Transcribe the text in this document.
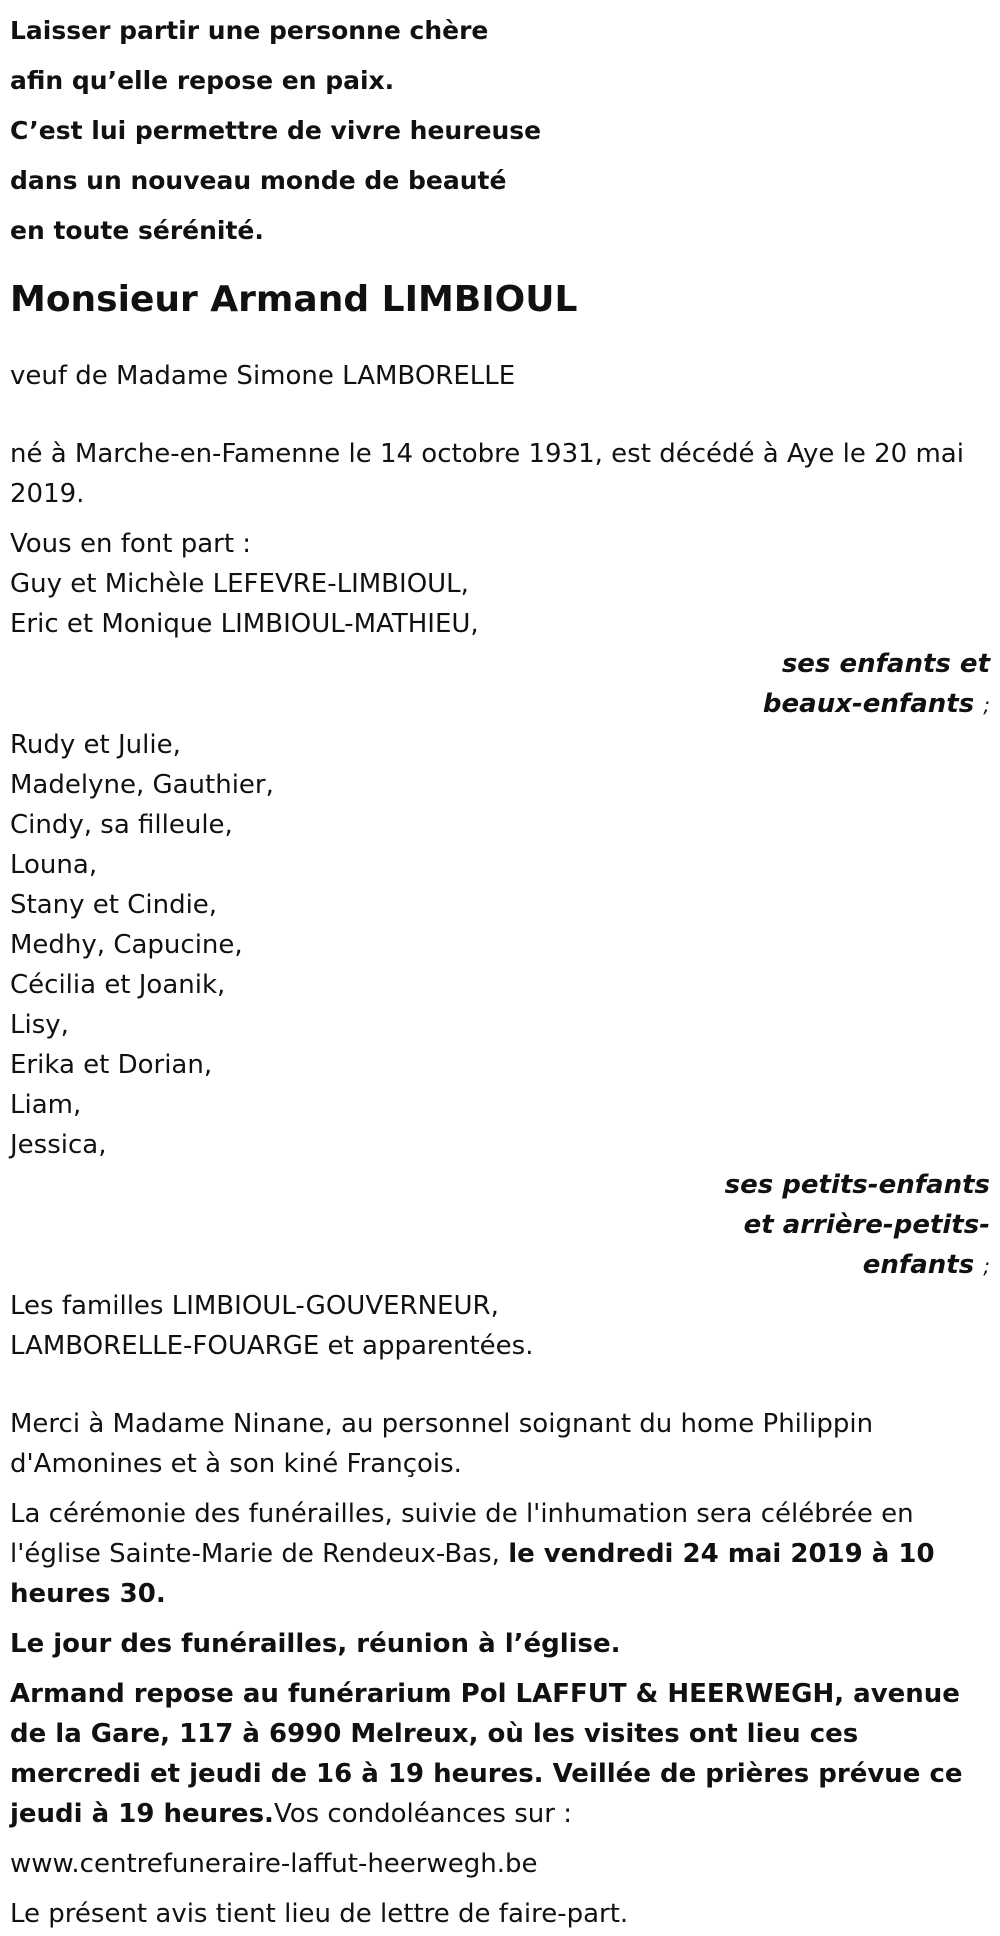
Laisser partir une personne chère
afin qu’elle repose en paix.
C’est lui permettre de vivre heureuse
dans un nouveau monde de beauté
en toute sérénité.
Monsieur Armand LIMBIOUL
veuf de Madame Simone LAMBORELLE
né à Marche-en-Famenne le 14 octobre 1931, est décédé à Aye le 20 mai 2019.
Vous en font part :
Guy et Michèle LEFEVRE-LIMBIOUL,
Eric et Monique LIMBIOUL-MATHIEU,
ses enfants et
beaux-enfants ;
Rudy et Julie,
Madelyne, Gauthier,
Cindy, sa filleule,
Louna,
Stany et Cindie,
Medhy, Capucine,
Cécilia et Joanik,
Lisy,
Erika et Dorian,
Liam,
Jessica,
ses petits-enfants
et arrière-petits-
enfants ;
Les familles LIMBIOUL-GOUVERNEUR,
LAMBORELLE-FOUARGE et apparentées.
Merci à Madame Ninane, au personnel soignant du home Philippin d'Amonines et à son kiné François.
La cérémonie des funérailles, suivie de l'inhumation sera célébrée en l'église Sainte-Marie de Rendeux-Bas, le vendredi 24 mai 2019 à 10 heures 30.
Le jour des funérailles, réunion à l’église.
Armand repose au funérarium Pol LAFFUT & HEERWEGH, avenue de la Gare, 117 à 6990 Melreux, où les visites ont lieu ces mercredi et jeudi de 16 à 19 heures. Veillée de prières prévue ce jeudi à 19 heures.Vos condoléances sur :
www.centrefuneraire-laffut-heerwegh.be
Le présent avis tient lieu de lettre de faire-part.
